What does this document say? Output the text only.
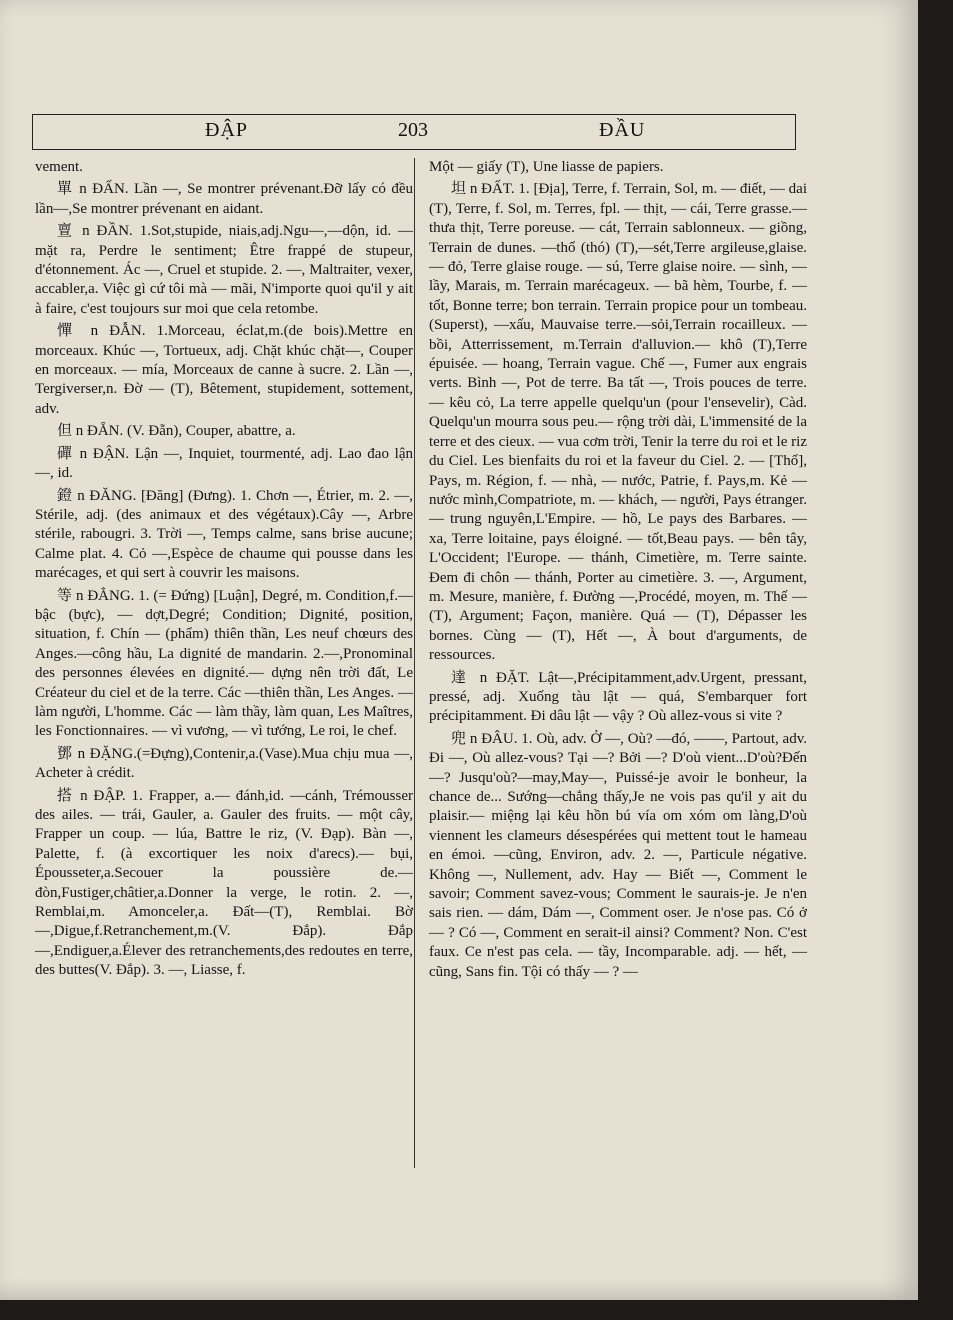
ĐẬP	203	ĐẦU

vement.

單 n ĐẤN. Lần —, Se montrer prévenant.Đỡ lấy có đều lần—,Se montrer prévenant en aidant.

亶 n ĐẦN. 1.Sot,stupide, niais,adj.Ngu—,—dộn, id. — mặt ra, Perdre le sentiment; Être frappé de stupeur, d'étonnement. Ác —, Cruel et stupide. 2. —, Maltraiter, vexer, accabler,a. Việc gì cứ tôi mà — mãi, N'importe quoi qu'il y ait à faire, c'est toujours sur moi que cela retombe.

憚 n ĐẪN. 1.Morceau, éclat,m.(de bois).Mettre en morceaux. Khúc —, Tortueux, adj. Chặt khúc chặt—, Couper en morceaux. — mía, Morceaux de canne à sucre. 2. Lần —, Tergiverser,n. Đờ — (T), Bêtement, stupidement, sottement, adv.

但 n ĐẴN. (V. Đẵn), Couper, abattre, a.

磾 n ĐẬN. Lận —, Inquiet, tourmenté, adj. Lao đao lận —, id.

鐙 n ĐĂNG. [Đăng] (Đưng). 1. Chơn —, Étrier, m. 2. —, Stérile, adj. (des animaux et des végétaux).Cây —, Arbre stérile, rabougri. 3. Trời —, Temps calme, sans brise aucune; Calme plat. 4. Cỏ —,Espèce de chaume qui pousse dans les marécages, et qui sert à couvrir les maisons.

等 n ĐẲNG. 1. (= Đứng) [Luận], Degré, m. Condition,f.—bậc (bực), — dợt,Degré; Condition; Dignité, position, situation, f. Chín — (phẩm) thiên thần, Les neuf chœurs des Anges.—công hầu, La dignité de mandarin. 2.—,Pronominal des personnes élevées en dignité.— dựng nên trời đất, Le Créateur du ciel et de la terre. Các —thiên thần, Les Anges. — làm người, L'homme. Các — làm thầy, làm quan, Les Maîtres, les Fonctionnaires. — vì vương, — vì tướng, Le roi, le chef.

鄧 n ĐẶNG.(=Đựng),Contenir,a.(Vase).Mua chịu mua —, Acheter à crédit.

搭 n ĐẬP. 1. Frapper, a.— đánh,id. —cánh, Trémousser des ailes. — trái, Gauler, a. Gauler des fruits. — một cây, Frapper un coup. — lúa, Battre le riz, (V. Đạp). Bàn —, Palette, f. (à excortiquer les noix d'arecs).— bụi, Épousseter,a.Secouer la poussière de.—đòn,Fustiger,châtier,a.Donner la verge, le rotin. 2. —, Remblai,m. Amonceler,a. Đất—(T), Remblai. Bờ—,Digue,f.Retranchement,m.(V. Đắp). Đắp—,Endiguer,a.Élever des retranchements,des redoutes en terre, des buttes(V. Đắp). 3. —, Liasse, f.

Một — giấy (T), Une liasse de papiers.

坦 n ĐẤT. 1. [Địa], Terre, f. Terrain, Sol, m. — điết, — dai (T), Terre, f. Sol, m. Terres, fpl. — thịt, — cái, Terre grasse.— thưa thịt, Terre poreuse. — cát, Terrain sablonneux. — giồng, Terrain de dunes. —thổ (thó) (T),—sét,Terre argileuse,glaise. — đỏ, Terre glaise rouge. — sú, Terre glaise noire. — sình, — lầy, Marais, m. Terrain marécageux. — bã hèm, Tourbe, f. — tốt, Bonne terre; bon terrain. Terrain propice pour un tombeau.(Superst), —xấu, Mauvaise terre.—sỏi,Terrain rocailleux. —bồi, Atterrissement, m.Terrain d'alluvion.— khô (T),Terre épuisée. — hoang, Terrain vague. Chế —, Fumer aux engrais verts. Bình —, Pot de terre. Ba tất —, Trois pouces de terre. — kêu cỏ, La terre appelle quelqu'un (pour l'ensevelir), Càd. Quelqu'un mourra sous peu.— rộng trời dài, L'immensité de la terre et des cieux. — vua cơm trời, Tenir la terre du roi et le riz du Ciel. Les bienfaits du roi et la faveur du Ciel. 2. — [Thổ], Pays, m. Région, f. — nhà, — nước, Patrie, f. Pays,m. Kẻ — nước mình,Compatriote, m. — khách, — người, Pays étranger. — trung nguyên,L'Empire. — hồ, Le pays des Barbares. — xa, Terre loitaine, pays éloigné. — tốt,Beau pays. — bên tây, L'Occident; l'Europe. — thánh, Cimetière, m. Terre sainte. Đem đi chôn — thánh, Porter au cimetière. 3. —, Argument, m. Mesure, manière, f. Đường —,Procédé, moyen, m. Thế — (T), Argument; Façon, manière. Quá — (T), Dépasser les bornes. Cùng — (T), Hết —, À bout d'arguments, de ressources.

達 n ĐẶT. Lật—,Précipitamment,adv.Urgent, pressant, pressé, adj. Xuống tàu lật — quá, S'embarquer fort précipitamment. Đi dâu lật — vậy ? Où allez-vous si vite ?

兜 n ĐÂU. 1. Où, adv. Ở —, Où? —đó, ——, Partout, adv. Đi —, Où allez-vous? Tại —? Bởi —? D'où vient...D'où?Đến—? Jusqu'où?—may,May—, Puissé-je avoir le bonheur, la chance de... Sướng—chẳng thấy,Je ne vois pas qu'il y ait du plaisir.— miệng lại kêu hồn bú vía om xóm om làng,D'où viennent les clameurs désespérées qui mettent tout le hameau en émoi. —cũng, Environ, adv. 2. —, Particule négative. Không —, Nullement, adv. Hay — Biết —, Comment le savoir; Comment savez-vous; Comment le saurais-je. Je n'en sais rien. — dám, Dám —, Comment oser. Je n'ose pas. Có ở — ? Có —, Comment en serait-il ainsi? Comment? Non. C'est faux. Ce n'est pas cela. — tầy, Incomparable. adj. — hết, — cũng, Sans fin. Tội có thấy — ? —
